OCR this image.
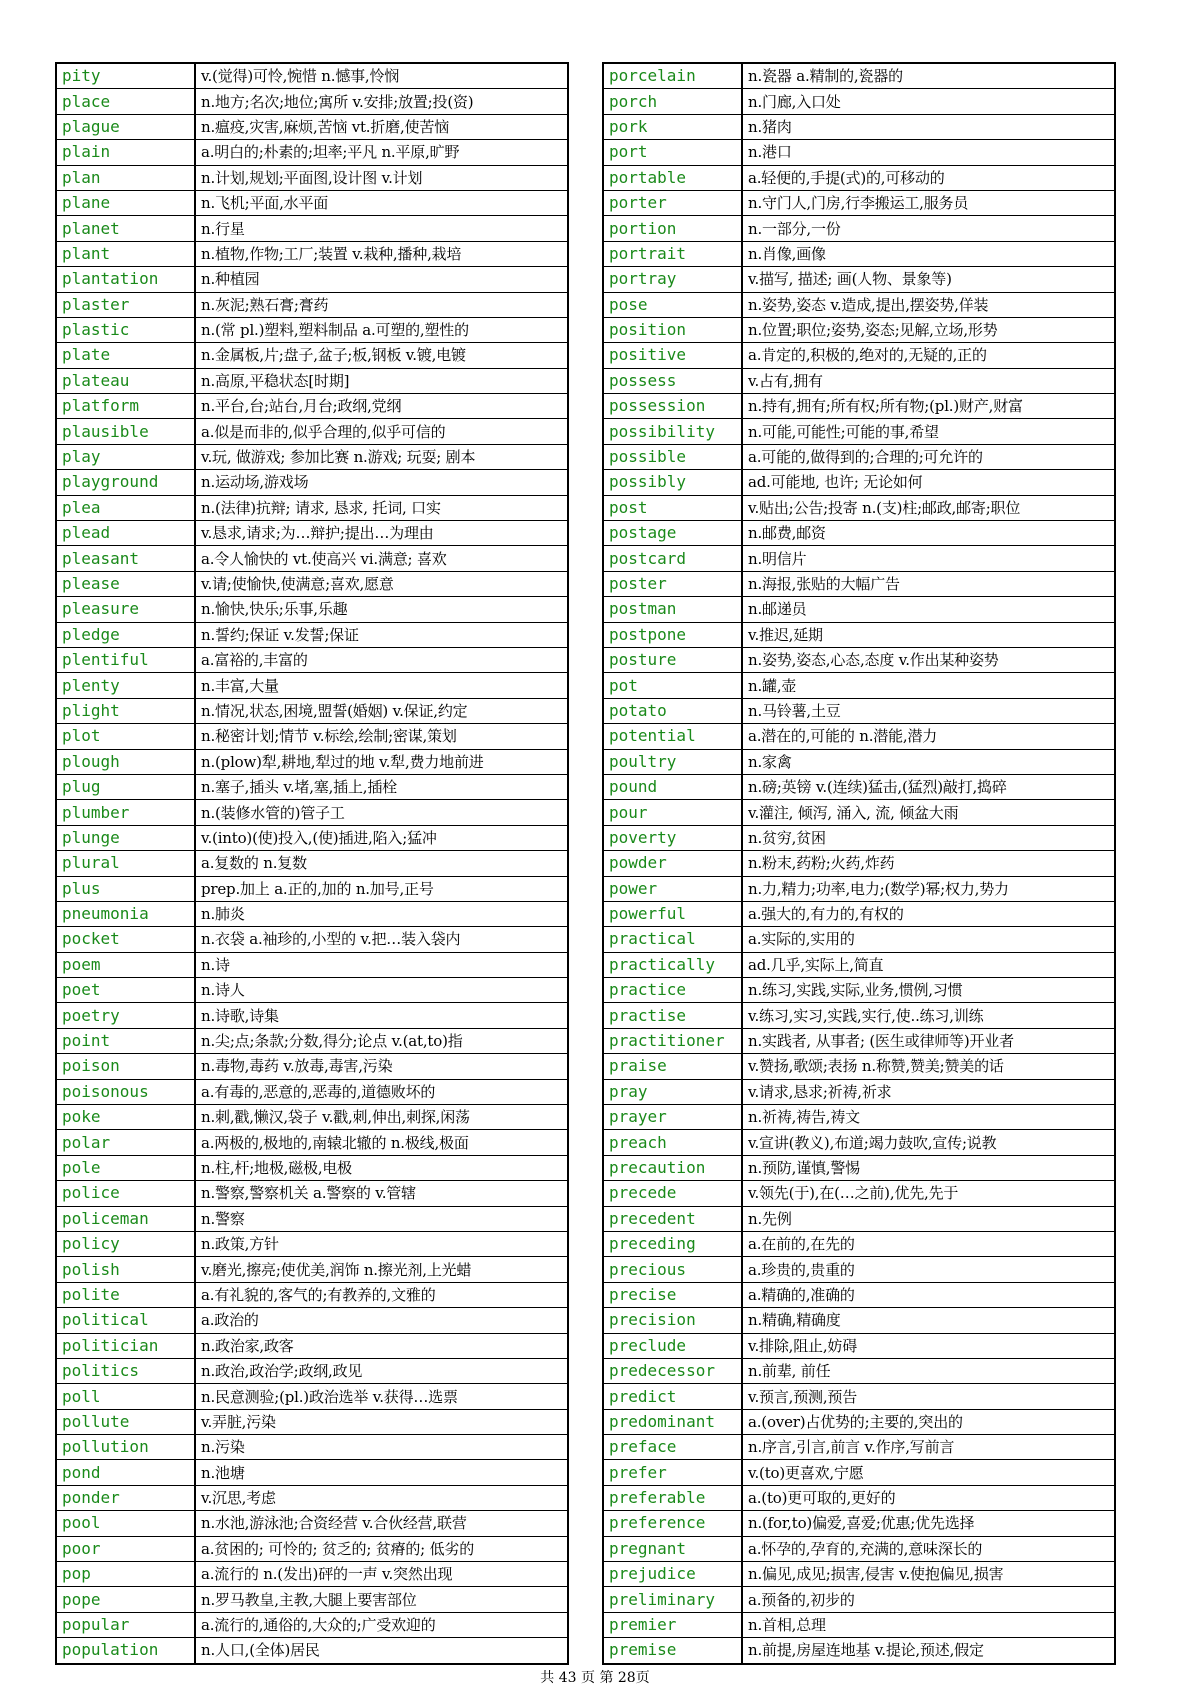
pity	v.(觉得)可怜,惋惜 n.憾事,怜悯
place	n.地方;名次;地位;寓所 v.安排;放置;投(资)
plague	n.瘟疫,灾害,麻烦,苦恼 vt.折磨,使苦恼
plain	a.明白的;朴素的;坦率;平凡 n.平原,旷野
plan	n.计划,规划;平面图,设计图 v.计划
plane	n.飞机;平面,水平面
planet	n.行星
plant	n.植物,作物;工厂;装置 v.栽种,播种,栽培
plantation	n.种植园
plaster	n.灰泥;熟石膏;膏药
plastic	n.(常 pl.)塑料,塑料制品 a.可塑的,塑性的
plate	n.金属板,片;盘子,盆子;板,钢板 v.镀,电镀
plateau	n.高原,平稳状态[时期]
platform	n.平台,台;站台,月台;政纲,党纲
plausible	a.似是而非的,似乎合理的,似乎可信的
play	v.玩, 做游戏; 参加比赛 n.游戏; 玩耍; 剧本
playground	n.运动场,游戏场
plea	n.(法律)抗辩; 请求, 恳求, 托词, 口实
plead	v.恳求,请求;为…辩护;提出…为理由
pleasant	a.令人愉快的 vt.使高兴 vi.满意; 喜欢
please	v.请;使愉快,使满意;喜欢,愿意
pleasure	n.愉快,快乐;乐事,乐趣
pledge	n.誓约;保证 v.发誓;保证
plentiful	a.富裕的,丰富的
plenty	n.丰富,大量
plight	n.情况,状态,困境,盟誓(婚姻) v.保证,约定
plot	n.秘密计划;情节 v.标绘,绘制;密谋,策划
plough	n.(plow)犁,耕地,犁过的地 v.犁,费力地前进
plug	n.塞子,插头 v.堵,塞,插上,插栓
plumber	n.(装修水管的)管子工
plunge	v.(into)(使)投入,(使)插进,陷入;猛冲
plural	a.复数的 n.复数
plus	prep.加上 a.正的,加的 n.加号,正号
pneumonia	n.肺炎
pocket	n.衣袋 a.袖珍的,小型的 v.把…装入袋内
poem	n.诗
poet	n.诗人
poetry	n.诗歌,诗集
point	n.尖;点;条款;分数,得分;论点 v.(at,to)指
poison	n.毒物,毒药 v.放毒,毒害,污染
poisonous	a.有毒的,恶意的,恶毒的,道德败坏的
poke	n.刺,戳,懒汉,袋子 v.戳,刺,伸出,刺探,闲荡
polar	a.两极的,极地的,南辕北辙的 n.极线,极面
pole	n.柱,杆;地极,磁极,电极
police	n.警察,警察机关 a.警察的 v.管辖
policeman	n.警察
policy	n.政策,方针
polish	v.磨光,擦亮;使优美,润饰 n.擦光剂,上光蜡
polite	a.有礼貌的,客气的;有教养的,文雅的
political	a.政治的
politician	n.政治家,政客
politics	n.政治,政治学;政纲,政见
poll	n.民意测验;(pl.)政治选举 v.获得…选票
pollute	v.弄脏,污染
pollution	n.污染
pond	n.池塘
ponder	v.沉思,考虑
pool	n.水池,游泳池;合资经营 v.合伙经营,联营
poor	a.贫困的; 可怜的; 贫乏的; 贫瘠的; 低劣的
pop	a.流行的 n.(发出)砰的一声 v.突然出现
pope	n.罗马教皇,主教,大腿上要害部位
popular	a.流行的,通俗的,大众的;广受欢迎的
population	n.人口,(全体)居民
porcelain	n.瓷器 a.精制的,瓷器的
porch	n.门廊,入口处
pork	n.猪肉
port	n.港口
portable	a.轻便的,手提(式)的,可移动的
porter	n.守门人,门房,行李搬运工,服务员
portion	n.一部分,一份
portrait	n.肖像,画像
portray	v.描写, 描述; 画(人物、景象等)
pose	n.姿势,姿态 v.造成,提出,摆姿势,佯装
position	n.位置;职位;姿势,姿态;见解,立场,形势
positive	a.肯定的,积极的,绝对的,无疑的,正的
possess	v.占有,拥有
possession	n.持有,拥有;所有权;所有物;(pl.)财产,财富
possibility	n.可能,可能性;可能的事,希望
possible	a.可能的,做得到的;合理的;可允许的
possibly	ad.可能地, 也许; 无论如何
post	v.贴出;公告;投寄 n.(支)柱;邮政,邮寄;职位
postage	n.邮费,邮资
postcard	n.明信片
poster	n.海报,张贴的大幅广告
postman	n.邮递员
postpone	v.推迟,延期
posture	n.姿势,姿态,心态,态度 v.作出某种姿势
pot	n.罐,壶
potato	n.马铃薯,土豆
potential	a.潜在的,可能的 n.潜能,潜力
poultry	n.家禽
pound	n.磅;英镑 v.(连续)猛击,(猛烈)敲打,捣碎
pour	v.灌注, 倾泻, 涌入, 流, 倾盆大雨
poverty	n.贫穷,贫困
powder	n.粉末,药粉;火药,炸药
power	n.力,精力;功率,电力;(数学)幂;权力,势力
powerful	a.强大的,有力的,有权的
practical	a.实际的,实用的
practically	ad.几乎,实际上,简直
practice	n.练习,实践,实际,业务,惯例,习惯
practise	v.练习,实习,实践,实行,使..练习,训练
practitioner	n.实践者, 从事者; (医生或律师等)开业者
praise	v.赞扬,歌颂;表扬 n.称赞,赞美;赞美的话
pray	v.请求,恳求;祈祷,祈求
prayer	n.祈祷,祷告,祷文
preach	v.宣讲(教义),布道;竭力鼓吹,宣传;说教
precaution	n.预防,谨慎,警惕
precede	v.领先(于),在(…之前),优先,先于
precedent	n.先例
preceding	a.在前的,在先的
precious	a.珍贵的,贵重的
precise	a.精确的,准确的
precision	n.精确,精确度
preclude	v.排除,阻止,妨碍
predecessor	n.前辈, 前任
predict	v.预言,预测,预告
predominant	a.(over)占优势的;主要的,突出的
preface	n.序言,引言,前言 v.作序,写前言
prefer	v.(to)更喜欢,宁愿
preferable	a.(to)更可取的,更好的
preference	n.(for,to)偏爱,喜爱;优惠;优先选择
pregnant	a.怀孕的,孕育的,充满的,意味深长的
prejudice	n.偏见,成见;损害,侵害 v.使抱偏见,损害
preliminary	a.预备的,初步的
premier	n.首相,总理
premise	n.前提,房屋连地基 v.提论,预述,假定
共 43 页 第 28页
